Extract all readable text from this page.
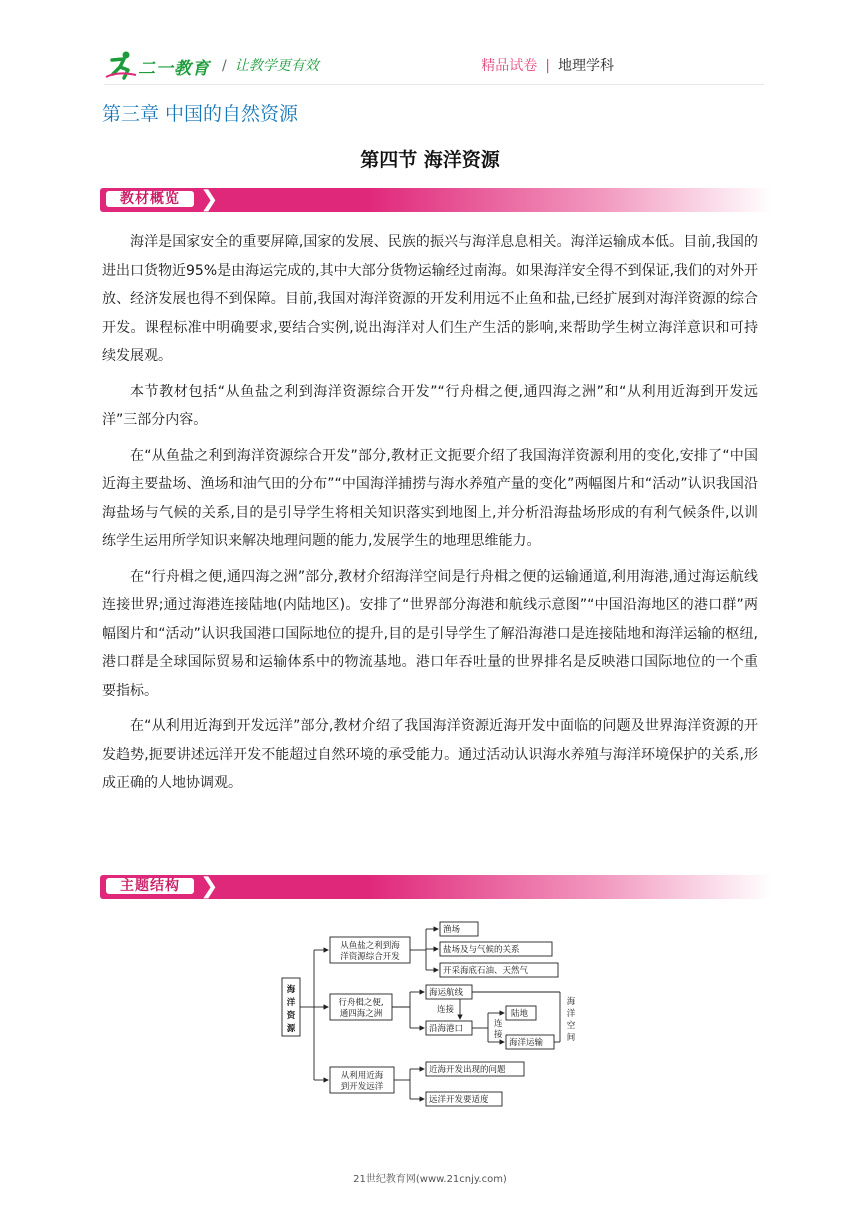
二一教育 / 让教学更有效	精品试卷 | 地理学科
第三章 中国的自然资源
第四节 海洋资源
教材概览 ❯

海洋是国家安全的重要屏障,国家的发展、民族的振兴与海洋息息相关。海洋运输成本低。目前,我国的进出口货物近95%是由海运完成的,其中大部分货物运输经过南海。如果海洋安全得不到保证,我们的对外开放、经济发展也得不到保障。目前,我国对海洋资源的开发利用远不止鱼和盐,已经扩展到对海洋资源的综合开发。课程标准中明确要求,要结合实例,说出海洋对人们生产生活的影响,来帮助学生树立海洋意识和可持续发展观。

本节教材包括“从鱼盐之利到海洋资源综合开发”“行舟楫之便,通四海之洲”和“从利用近海到开发远洋”三部分内容。

在“从鱼盐之利到海洋资源综合开发”部分,教材正文扼要介绍了我国海洋资源利用的变化,安排了“中国近海主要盐场、渔场和油气田的分布”“中国海洋捕捞与海水养殖产量的变化”两幅图片和“活动”认识我国沿海盐场与气候的关系,目的是引导学生将相关知识落实到地图上,并分析沿海盐场形成的有利气候条件,以训练学生运用所学知识来解决地理问题的能力,发展学生的地理思维能力。

在“行舟楫之便,通四海之洲”部分,教材介绍海洋空间是行舟楫之便的运输通道,利用海港,通过海运航线连接世界;通过海港连接陆地(内陆地区)。安排了“世界部分海港和航线示意图”“中国沿海地区的港口群”两幅图片和“活动”认识我国港口国际地位的提升,目的是引导学生了解沿海港口是连接陆地和海洋运输的枢纽,港口群是全球国际贸易和运输体系中的物流基地。港口年吞吐量的世界排名是反映港口国际地位的一个重要指标。

在“从利用近海到开发远洋”部分,教材介绍了我国海洋资源近海开发中面临的问题及世界海洋资源的开发趋势,扼要讲述远洋开发不能超过自然环境的承受能力。通过活动认识海水养殖与海洋环境保护的关系,形成正确的人地协调观。

主题结构 ❯
海
洋
资
源
从鱼盐之利到海
洋资源综合开发
行舟楫之便,
通四海之洲
从利用近海
到开发远洋
渔场
盐场及与气候的关系
开采海底石油、天然气
海运航线
连接
沿海港口	连
接
陆地
海洋运输
海
洋
空
间
近海开发出现的问题
远洋开发要适度
21世纪教育网(www.21cnjy.com)
